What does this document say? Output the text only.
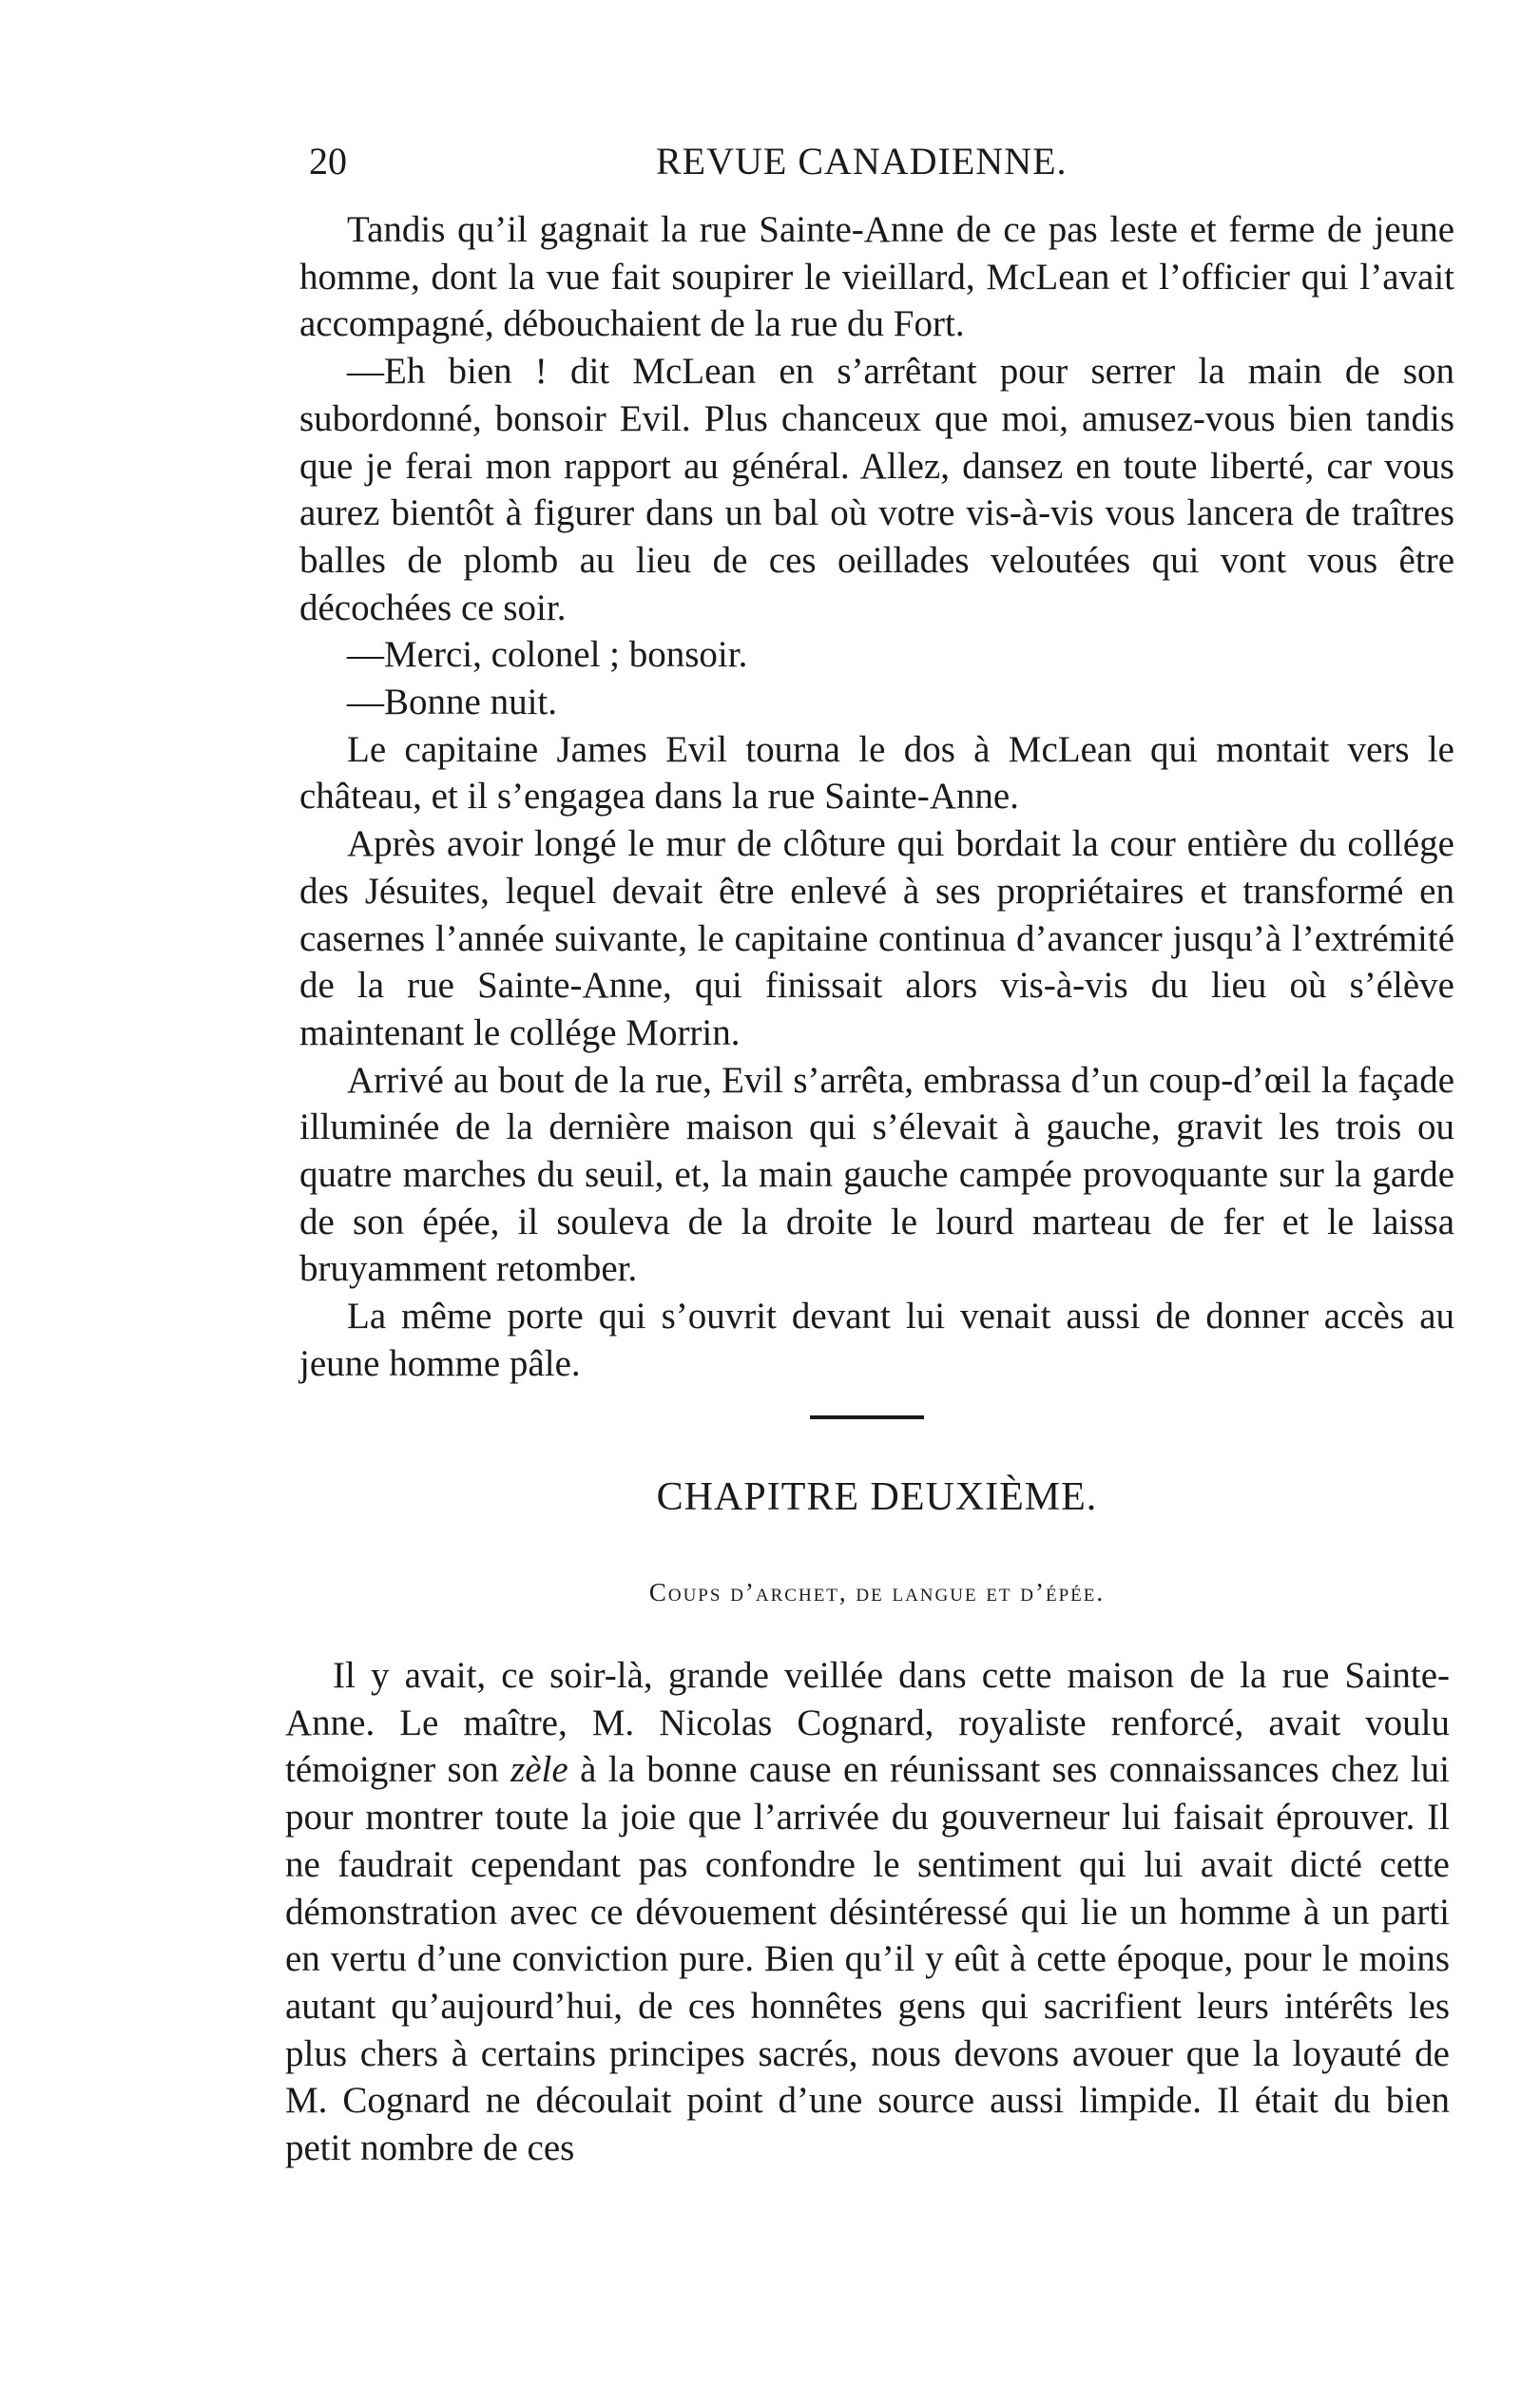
20	REVUE CANADIENNE.

Tandis qu’il gagnait la rue Sainte-Anne de ce pas leste et ferme de jeune homme, dont la vue fait soupirer le vieillard, McLean et l’officier qui l’avait accompagné, débouchaient de la rue du Fort.

—Eh bien ! dit McLean en s’arrêtant pour serrer la main de son subordonné, bonsoir Evil. Plus chanceux que moi, amusez-vous bien tandis que je ferai mon rapport au général. Allez, dansez en toute liberté, car vous aurez bientôt à figurer dans un bal où votre vis-à-vis vous lancera de traîtres balles de plomb au lieu de ces oeillades veloutées qui vont vous être décochées ce soir.

—Merci, colonel ; bonsoir.

—Bonne nuit.

Le capitaine James Evil tourna le dos à McLean qui montait vers le château, et il s’engagea dans la rue Sainte-Anne.

Après avoir longé le mur de clôture qui bordait la cour entière du collége des Jésuites, lequel devait être enlevé à ses propriétaires et transformé en casernes l’année suivante, le capitaine continua d’avancer jusqu’à l’extrémité de la rue Sainte-Anne, qui finissait alors vis-à-vis du lieu où s’élève maintenant le collége Morrin.

Arrivé au bout de la rue, Evil s’arrêta, embrassa d’un coup-d’œil la façade illuminée de la dernière maison qui s’élevait à gauche, gravit les trois ou quatre marches du seuil, et, la main gauche campée provoquante sur la garde de son épée, il souleva de la droite le lourd marteau de fer et le laissa bruyamment retomber.

La même porte qui s’ouvrit devant lui venait aussi de donner accès au jeune homme pâle.

CHAPITRE DEUXIÈME.
Coups d’archet, de langue et d’épée.

Il y avait, ce soir-là, grande veillée dans cette maison de la rue Sainte-Anne. Le maître, M. Nicolas Cognard, royaliste renforcé, avait voulu témoigner son zèle à la bonne cause en réunissant ses connaissances chez lui pour montrer toute la joie que l’arrivée du gouverneur lui faisait éprouver. Il ne faudrait cependant pas confondre le sentiment qui lui avait dicté cette démonstration avec ce dévouement désintéressé qui lie un homme à un parti en vertu d’une conviction pure. Bien qu’il y eût à cette époque, pour le moins autant qu’aujourd’hui, de ces honnêtes gens qui sacrifient leurs intérêts les plus chers à certains principes sacrés, nous devons avouer que la loyauté de M. Cognard ne découlait point d’une source aussi limpide. Il était du bien petit nombre de ces
